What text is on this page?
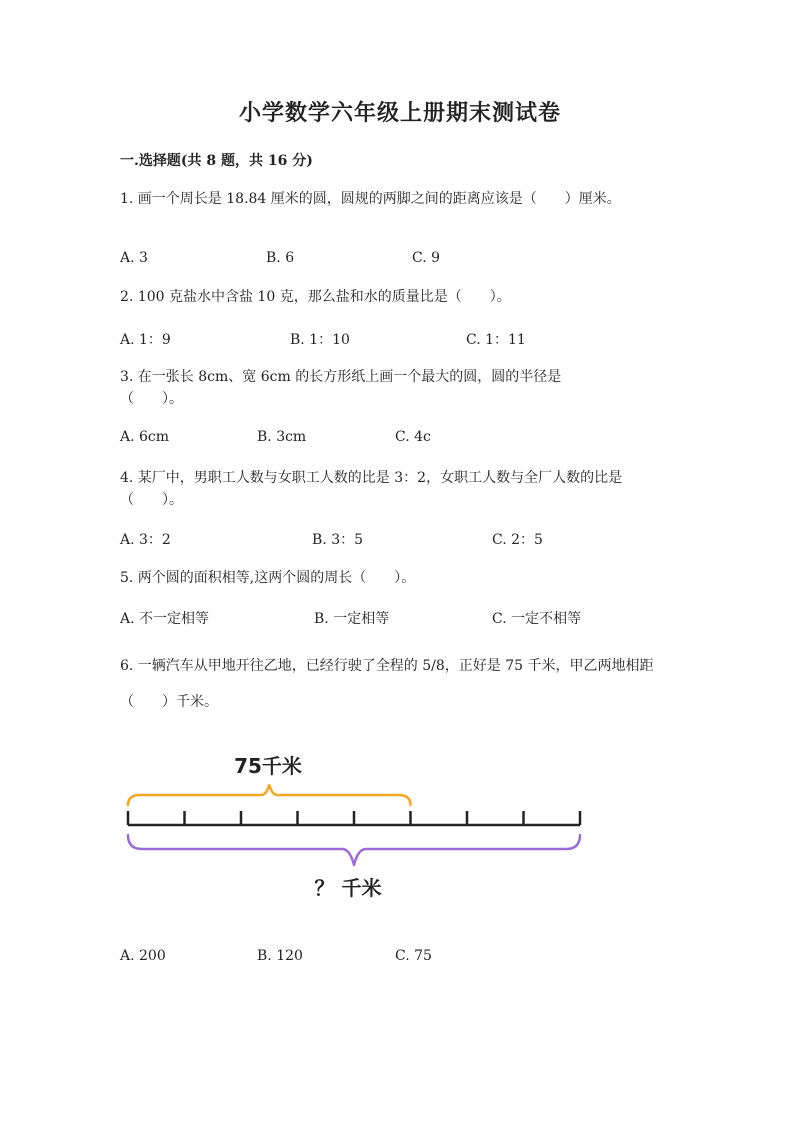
小学数学六年级上册期末测试卷
一.选择题(共 8 题，共 16 分)
1. 画一个周长是 18.84 厘米的圆，圆规的两脚之间的距离应该是（　　）厘米。
A. 3	B. 6	C. 9
2. 100 克盐水中含盐 10 克，那么盐和水的质量比是（　　）。
A. 1：9	B. 1：10	C. 1：11
3. 在一张长 8cm、宽 6cm 的长方形纸上画一个最大的圆，圆的半径是（　　）。
A. 6cm	B. 3cm	C. 4c
4. 某厂中，男职工人数与女职工人数的比是 3：2，女职工人数与全厂人数的比是（　　）。
A. 3：2	B. 3：5	C. 2：5
5. 两个圆的面积相等,这两个圆的周长（　　）。
A. 不一定相等	B. 一定相等	C. 一定不相等
6. 一辆汽车从甲地开往乙地，已经行驶了全程的 5/8，正好是 75 千米，甲乙两地相距（　　）千米。
75千米
？ 千米
A. 200	B. 120	C. 75
